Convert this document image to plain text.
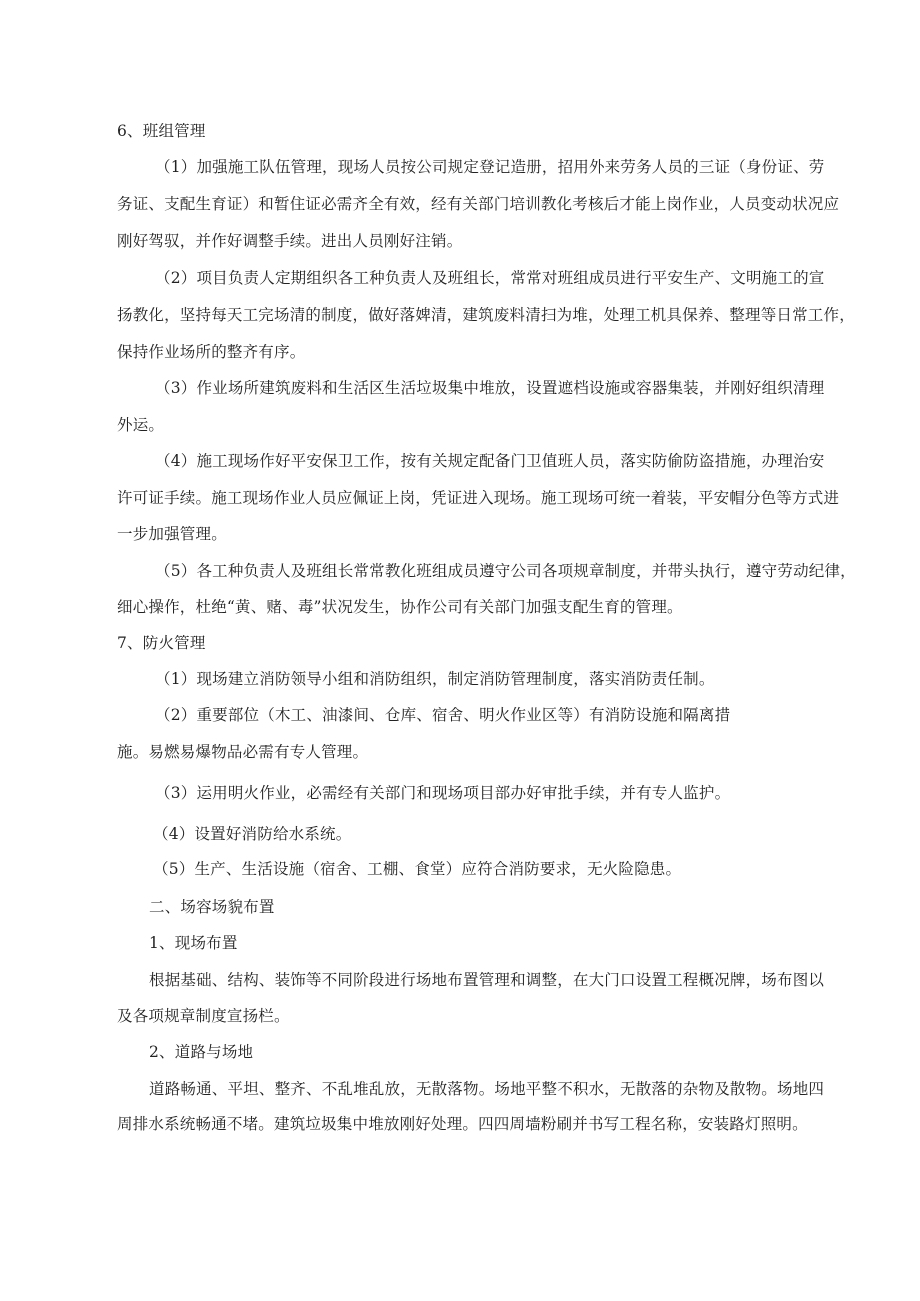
6、班组管理
（1）加强施工队伍管理，现场人员按公司规定登记造册，招用外来劳务人员的三证（身份证、劳
务证、支配生育证）和暂住证必需齐全有效，经有关部门培训教化考核后才能上岗作业，人员变动状况应
刚好驾驭，并作好调整手续。进出人员刚好注销。
（2）项目负责人定期组织各工种负责人及班组长，常常对班组成员进行平安生产、文明施工的宣
扬教化，坚持每天工完场清的制度，做好落婢清，建筑废料清扫为堆，处理工机具保养、整理等日常工作，
保持作业场所的整齐有序。
（3）作业场所建筑废料和生活区生活垃圾集中堆放，设置遮档设施或容器集装，并刚好组织清理
外运。
（4）施工现场作好平安保卫工作，按有关规定配备门卫值班人员，落实防偷防盗措施，办理治安
许可证手续。施工现场作业人员应佩证上岗，凭证进入现场。施工现场可统一着装，平安帽分色等方式进
一步加强管理。
（5）各工种负责人及班组长常常教化班组成员遵守公司各项规章制度，并带头执行，遵守劳动纪律，
细心操作，杜绝“黄、赌、毒”状况发生，协作公司有关部门加强支配生育的管理。
7、防火管理
（1）现场建立消防领导小组和消防组织，制定消防管理制度，落实消防责任制。
（2）重要部位（木工、油漆间、仓库、宿舍、明火作业区等）有消防设施和隔离措
施。易燃易爆物品必需有专人管理。
（3）运用明火作业，必需经有关部门和现场项目部办好审批手续，并有专人监护。
（4）设置好消防给水系统。
（5）生产、生活设施（宿舍、工棚、食堂）应符合消防要求，无火险隐患。
二、场容场貌布置
1、现场布置
根据基础、结构、装饰等不同阶段进行场地布置管理和调整，在大门口设置工程概况牌，场布图以
及各项规章制度宣扬栏。
2、道路与场地
道路畅通、平坦、整齐、不乱堆乱放，无散落物。场地平整不积水，无散落的杂物及散物。场地四
周排水系统畅通不堵。建筑垃圾集中堆放刚好处理。四四周墙粉刷并书写工程名称，安装路灯照明。
